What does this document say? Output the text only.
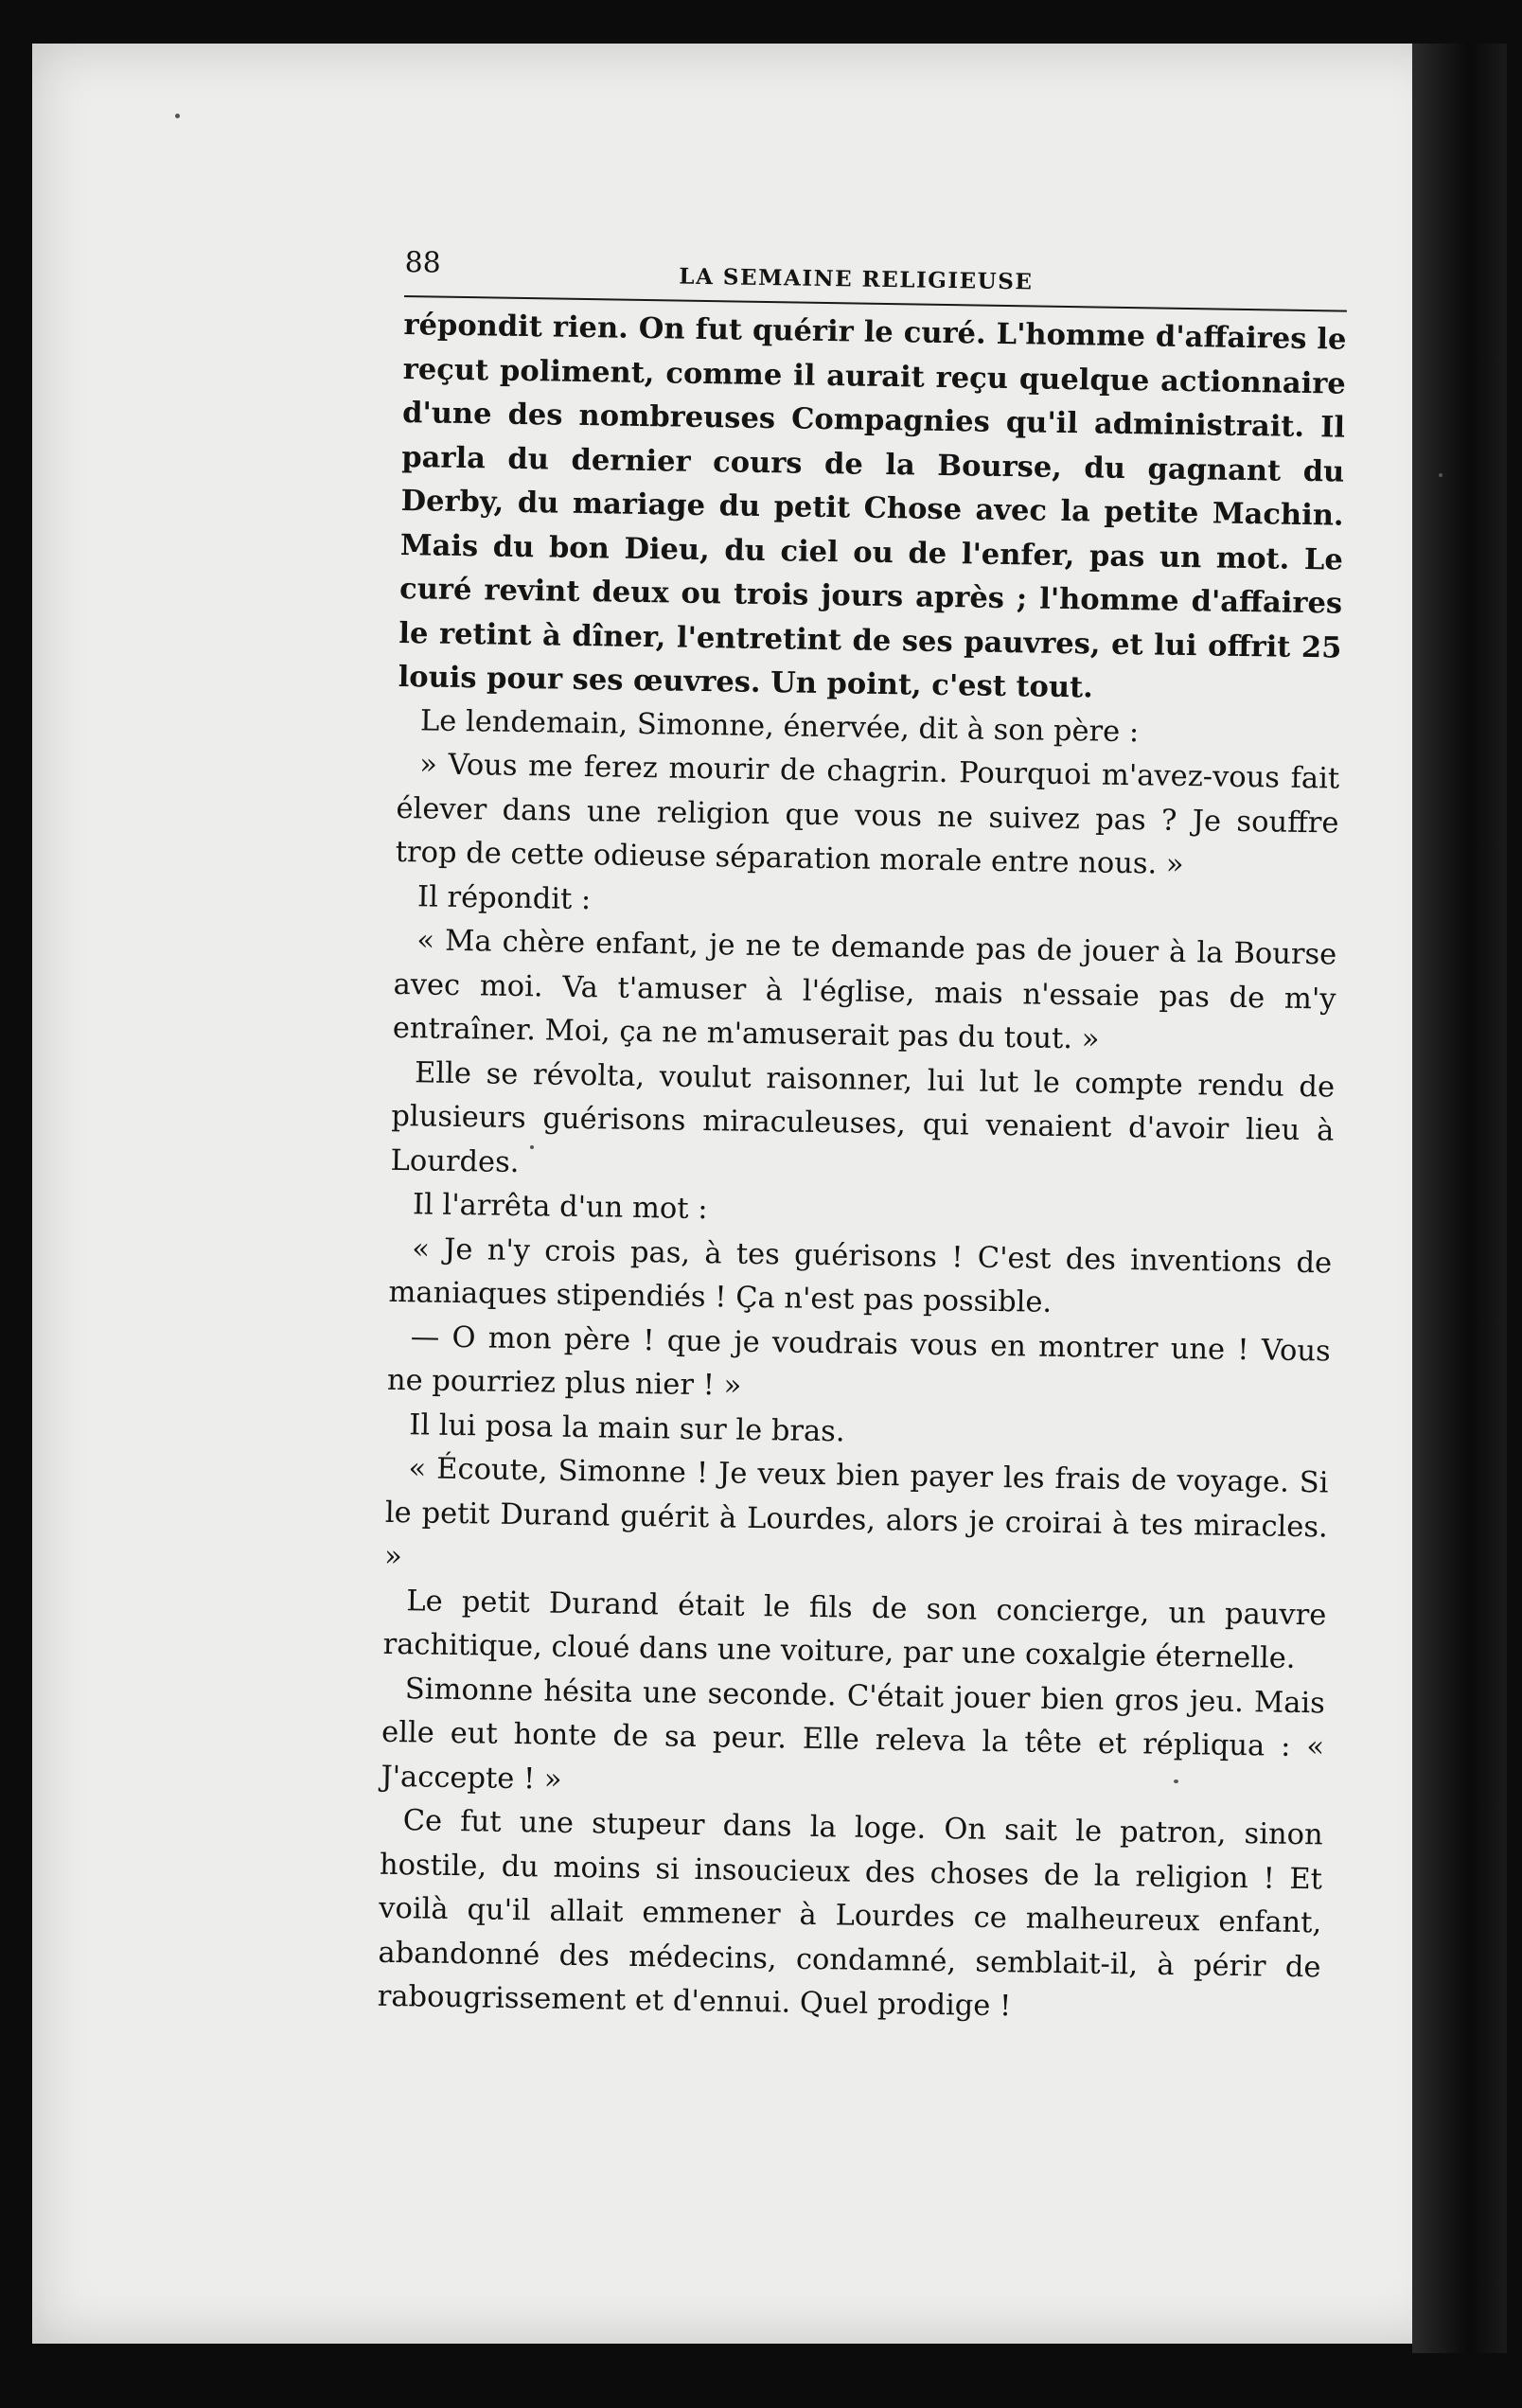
88	LA SEMAINE RELIGIEUSE

répondit rien. On fut quérir le curé. L'homme d'affaires le reçut poliment, comme il aurait reçu quelque actionnaire d'une des nombreuses Compagnies qu'il administrait. Il parla du dernier cours de la Bourse, du gagnant du Derby, du mariage du petit Chose avec la petite Machin. Mais du bon Dieu, du ciel ou de l'enfer, pas un mot. Le curé revint deux ou trois jours après ; l'homme d'affaires le retint à dîner, l'entretint de ses pauvres, et lui offrit 25 louis pour ses œuvres. Un point, c'est tout.

Le lendemain, Simonne, énervée, dit à son père :

» Vous me ferez mourir de chagrin. Pourquoi m'avez-vous fait élever dans une religion que vous ne suivez pas ? Je souffre trop de cette odieuse séparation morale entre nous. »

Il répondit :

« Ma chère enfant, je ne te demande pas de jouer à la Bourse avec moi. Va t'amuser à l'église, mais n'essaie pas de m'y entraîner. Moi, ça ne m'amuserait pas du tout. »

Elle se révolta, voulut raisonner, lui lut le compte rendu de plusieurs guérisons miraculeuses, qui venaient d'avoir lieu à Lourdes.

Il l'arrêta d'un mot :

« Je n'y crois pas, à tes guérisons ! C'est des inventions de maniaques stipendiés ! Ça n'est pas possible.

— O mon père ! que je voudrais vous en montrer une ! Vous ne pourriez plus nier ! »

Il lui posa la main sur le bras.

« Écoute, Simonne ! Je veux bien payer les frais de voyage. Si le petit Durand guérit à Lourdes, alors je croirai à tes miracles. »

Le petit Durand était le fils de son concierge, un pauvre rachitique, cloué dans une voiture, par une coxalgie éternelle.

Simonne hésita une seconde. C'était jouer bien gros jeu. Mais elle eut honte de sa peur. Elle releva la tête et répliqua : « J'accepte ! »

Ce fut une stupeur dans la loge. On sait le patron, sinon hostile, du moins si insoucieux des choses de la religion ! Et voilà qu'il allait emmener à Lourdes ce malheureux enfant, abandonné des médecins, condamné, semblait-il, à périr de rabougrissement et d'ennui. Quel prodige !
